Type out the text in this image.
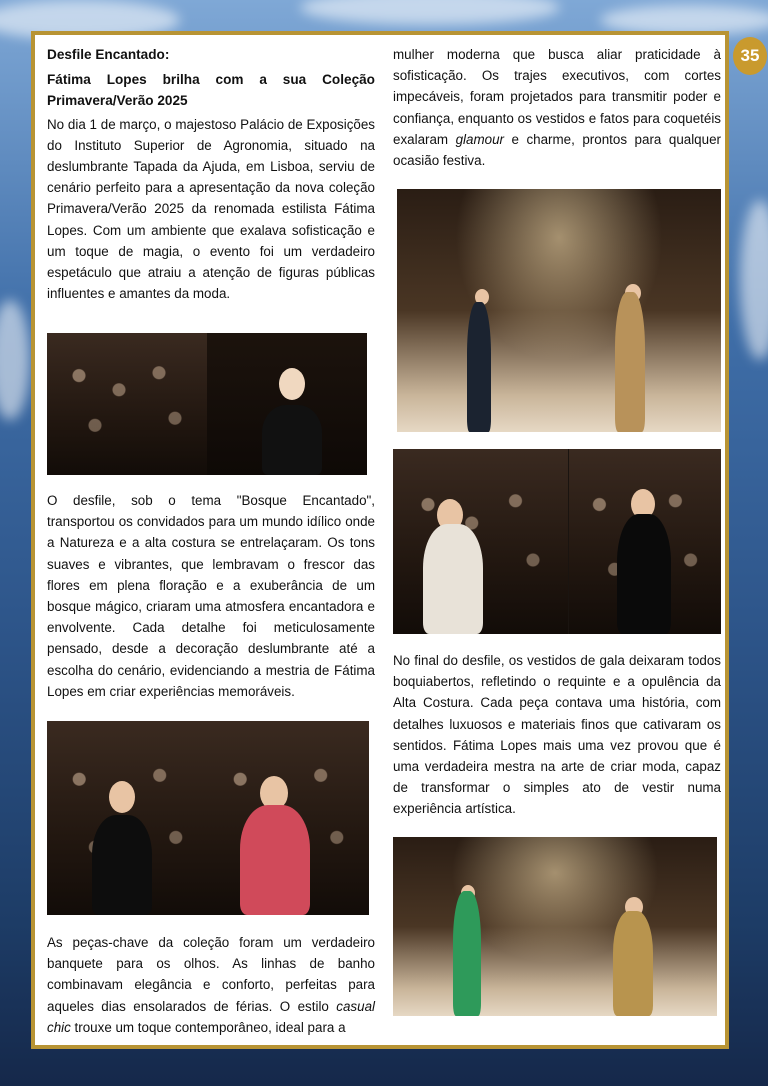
35

Desfile Encantado:

Fátima Lopes brilha com a sua Coleção Primavera/Verão 2025

No dia 1 de março, o majestoso Palácio de Exposições do Instituto Superior de Agronomia, situado na deslumbrante Tapada da Ajuda, em Lisboa, serviu de cenário perfeito para a apresentação da nova coleção Primavera/Verão 2025 da renomada estilista Fátima Lopes. Com um ambiente que exalava sofisticação e um toque de magia, o evento foi um verdadeiro espetáculo que atraiu a atenção de figuras públicas influentes e amantes da moda.

O desfile, sob o tema "Bosque Encantado", transportou os convidados para um mundo idílico onde a Natureza e a alta costura se entrelaçaram. Os tons suaves e vibrantes, que lembravam o frescor das flores em plena floração e a exuberância de um bosque mágico, criaram uma atmosfera encantadora e envolvente. Cada detalhe foi meticulosamente pensado, desde a decoração deslumbrante até a escolha do cenário, evidenciando a mestria de Fátima Lopes em criar experiências memoráveis.

As peças-chave da coleção foram um verdadeiro banquete para os olhos. As linhas de banho combinavam elegância e conforto, perfeitas para aqueles dias ensolarados de férias. O estilo casual chic trouxe um toque contemporâneo, ideal para a

mulher moderna que busca aliar praticidade à sofisticação. Os trajes executivos, com cortes impecáveis, foram projetados para transmitir poder e confiança, enquanto os vestidos e fatos para coquetéis exalaram glamour e charme, prontos para qualquer ocasião festiva.

No final do desfile, os vestidos de gala deixaram todos boquiabertos, refletindo o requinte e a opulência da Alta Costura. Cada peça contava uma história, com detalhes luxuosos e materiais finos que cativaram os sentidos. Fátima Lopes mais uma vez provou que é uma verdadeira mestra na arte de criar moda, capaz de transformar o simples ato de vestir numa experiência artística.
